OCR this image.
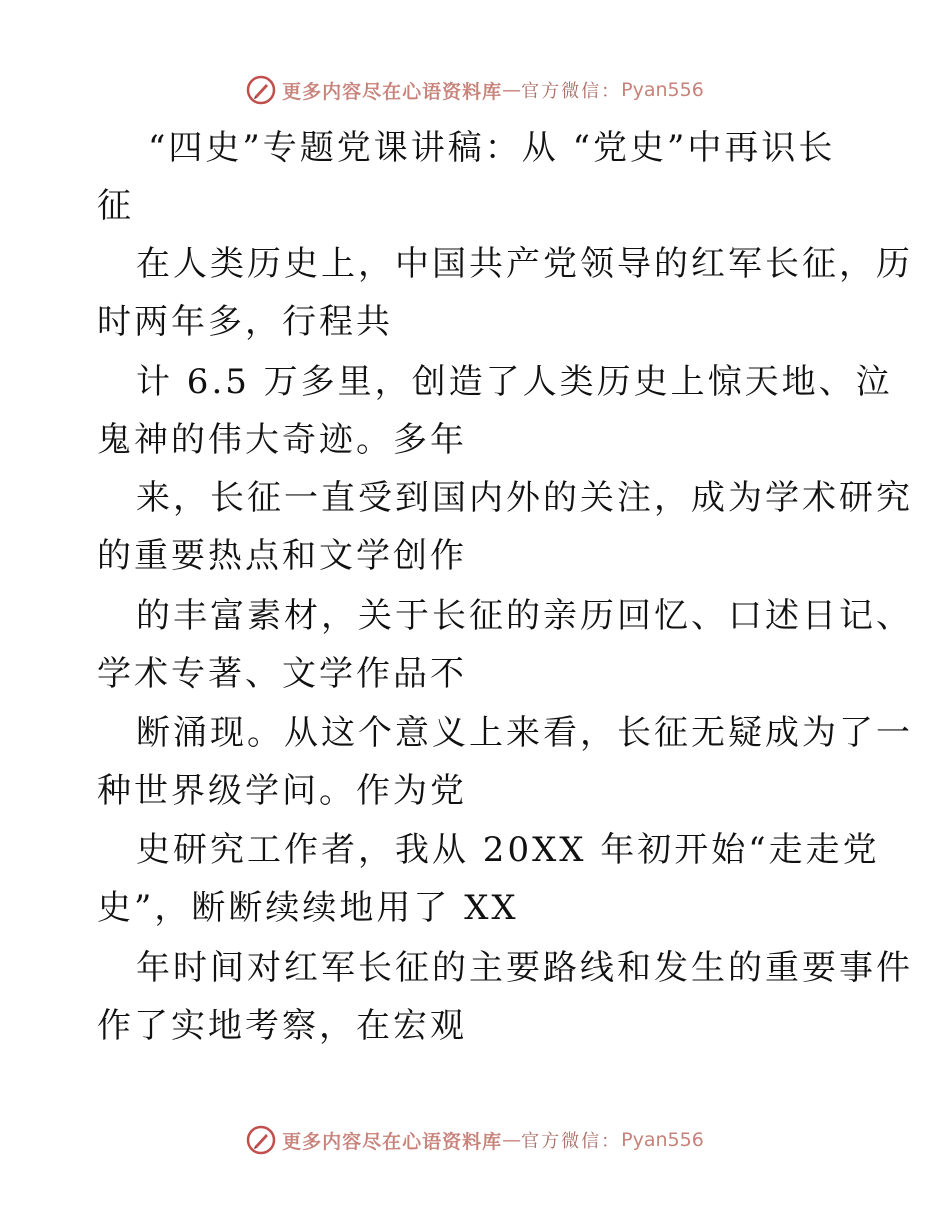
更多内容尽在心语资料库 — 官方微信： Pyan556
“四史”专题党课讲稿：从 “党史”中再识长
征
在人类历史上，中国共产党领导的红军长征，历
时两年多，行程共
计 6.5 万多里，创造了人类历史上惊天地、泣
鬼神的伟大奇迹。多年
来，长征一直受到国内外的关注，成为学术研究
的重要热点和文学创作
的丰富素材，关于长征的亲历回忆、口述日记、
学术专著、文学作品不
断涌现。从这个意义上来看，长征无疑成为了一
种世界级学问。作为党
史研究工作者，我从 20XX 年初开始“走走党
史”，断断续续地用了 XX
年时间对红军长征的主要路线和发生的重要事件
作了实地考察，在宏观
更多内容尽在心语资料库 — 官方微信： Pyan556
